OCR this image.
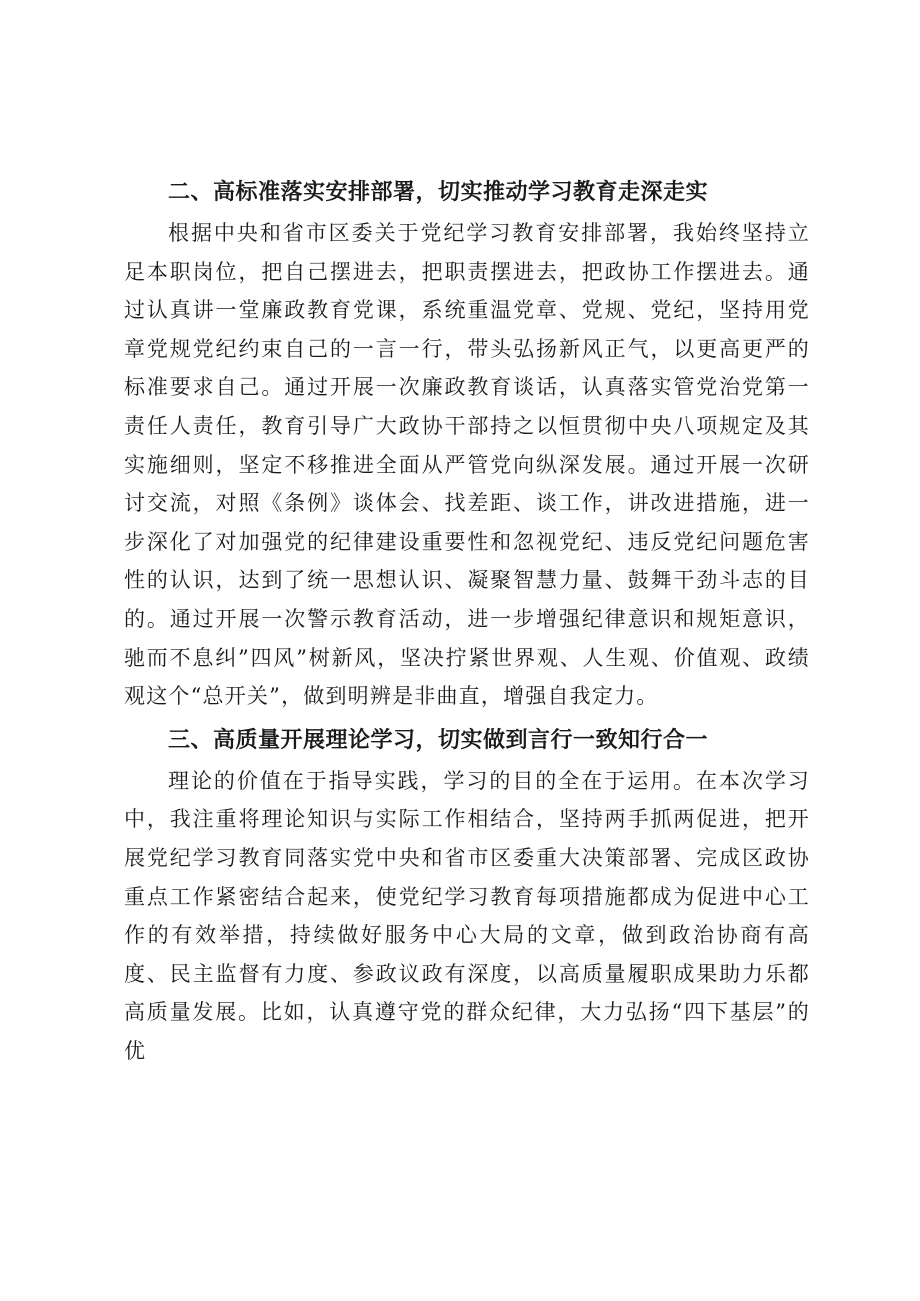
二、高标准落实安排部署，切实推动学习教育走深走实

根据中央和省市区委关于党纪学习教育安排部署，我始终坚持立足本职岗位，把自己摆进去，把职责摆进去，把政协工作摆进去。通过认真讲一堂廉政教育党课，系统重温党章、党规、党纪，坚持用党章党规党纪约束自己的一言一行，带头弘扬新风正气，以更高更严的标准要求自己。通过开展一次廉政教育谈话，认真落实管党治党第一责任人责任，教育引导广大政协干部持之以恒贯彻中央八项规定及其实施细则，坚定不移推进全面从严管党向纵深发展。通过开展一次研讨交流，对照《条例》谈体会、找差距、谈工作，讲改进措施，进一步深化了对加强党的纪律建设重要性和忽视党纪、违反党纪问题危害性的认识，达到了统一思想认识、凝聚智慧力量、鼓舞干劲斗志的目的。通过开展一次警示教育活动，进一步增强纪律意识和规矩意识，驰而不息纠”四风”树新风，坚决拧紧世界观、人生观、价值观、政绩观这个“总开关”，做到明辨是非曲直，增强自我定力。

三、高质量开展理论学习，切实做到言行一致知行合一

理论的价值在于指导实践，学习的目的全在于运用。在本次学习中，我注重将理论知识与实际工作相结合，坚持两手抓两促进，把开展党纪学习教育同落实党中央和省市区委重大决策部署、完成区政协重点工作紧密结合起来，使党纪学习教育每项措施都成为促进中心工作的有效举措，持续做好服务中心大局的文章，做到政治协商有高度、民主监督有力度、参政议政有深度，以高质量履职成果助力乐都高质量发展。比如，认真遵守党的群众纪律，大力弘扬“四下基层”的优
